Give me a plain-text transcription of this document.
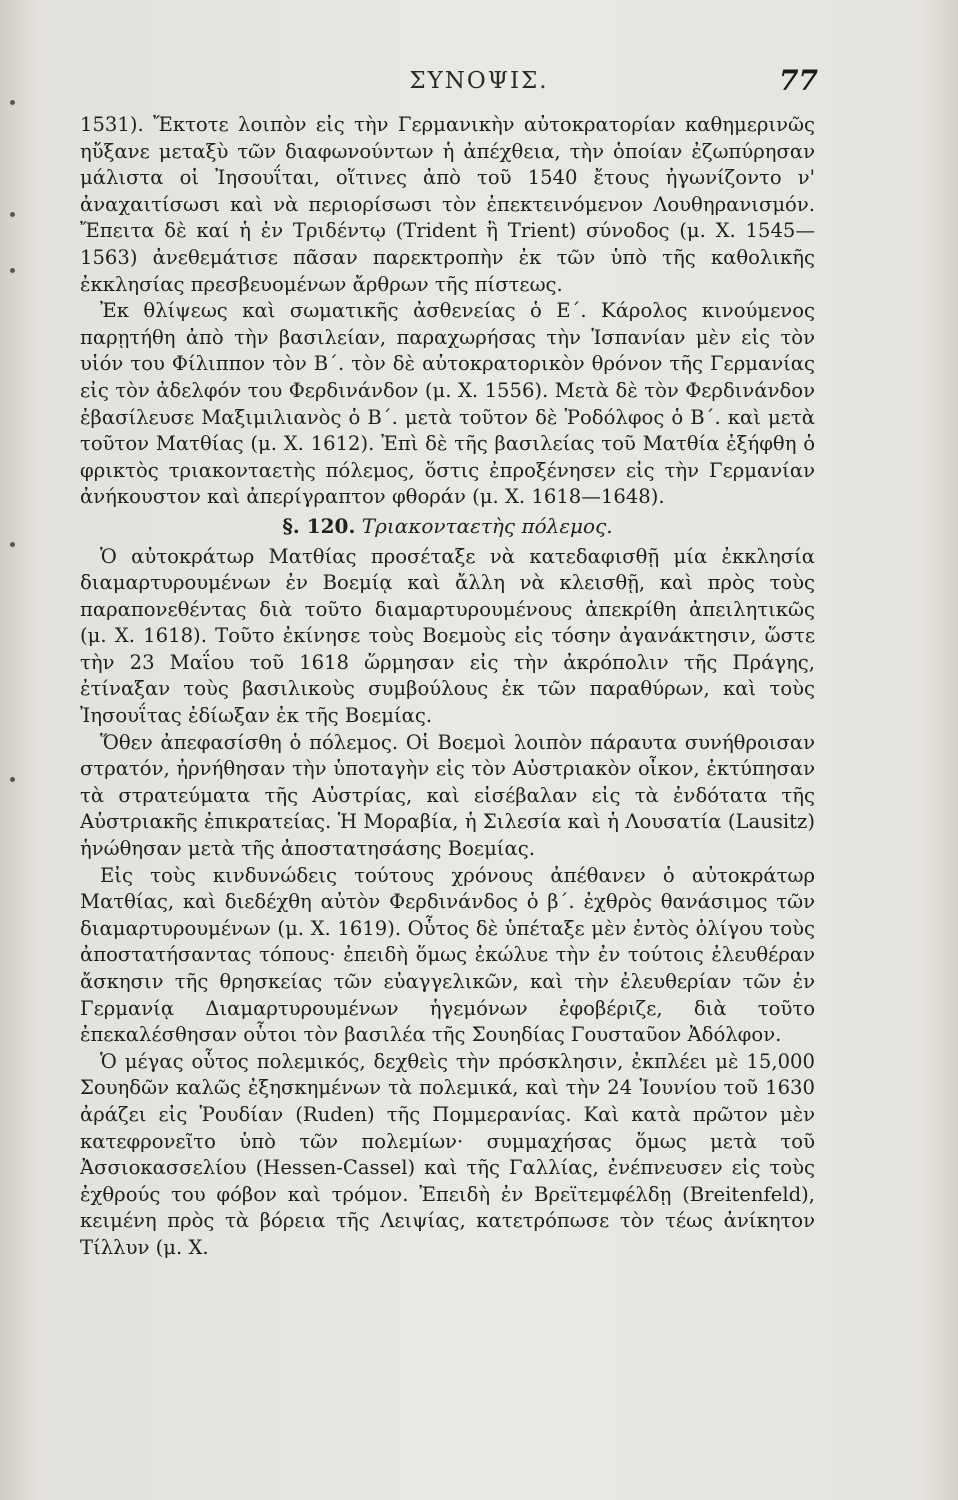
ΣΥΝΟΨΙΣ.	77

1531). Ἔκτοτε λοιπὸν εἰς τὴν Γερμανικὴν αὐτοκρατορίαν καθημερινῶς ηὔξανε μεταξὺ τῶν διαφωνούντων ἡ ἀπέχθεια, τὴν ὁποίαν ἐζωπύρησαν μάλιστα οἱ Ἰησουΐται, οἵτινες ἀπὸ τοῦ 1540 ἔτους ἠγωνίζοντο ν' ἀναχαιτίσωσι καὶ νὰ περιορίσωσι τὸν ἐπεκτεινόμενον Λουθηρανισμόν. Ἔπειτα δὲ καί ἡ ἐν Τριδέντῳ (Trident ἢ Trient) σύνοδος (μ. Χ. 1545—1563) ἀνεθεμάτισε πᾶσαν παρεκτροπὴν ἐκ τῶν ὑπὸ τῆς καθολικῆς ἐκκλησίας πρεσβευομένων ἄρθρων τῆς πίστεως.

Ἐκ θλίψεως καὶ σωματικῆς ἀσθενείας ὁ Ε΄. Κάρολος κινούμενος παρῃτήθη ἀπὸ τὴν βασιλείαν, παραχωρήσας τὴν Ἱσπανίαν μὲν εἰς τὸν υἱόν του Φίλιππον τὸν Β΄. τὸν δὲ αὐτοκρατορικὸν θρόνον τῆς Γερμανίας εἰς τὸν ἀδελφόν του Φερδινάνδον (μ. Χ. 1556). Μετὰ δὲ τὸν Φερδινάνδον ἐβασίλευσε Μαξιμιλιανὸς ὁ Β΄. μετὰ τοῦτον δὲ Ῥοδόλφος ὁ Β΄. καὶ μετὰ τοῦτον Ματθίας (μ. Χ. 1612). Ἐπὶ δὲ τῆς βασιλείας τοῦ Ματθία ἐξήφθη ὁ φρικτὸς τριακονταετὴς πόλεμος, ὅστις ἐπροξένησεν εἰς τὴν Γερμανίαν ἀνήκουστον καὶ ἀπερίγραπτον φθοράν (μ. Χ. 1618—1648).

§. 120. Τριακονταετὴς πόλεμος.

Ὁ αὐτοκράτωρ Ματθίας προσέταξε νὰ κατεδαφισθῇ μία ἐκκλησία διαμαρτυρουμένων ἐν Βοεμίᾳ καὶ ἄλλη νὰ κλεισθῇ, καὶ πρὸς τοὺς παραπονεθέντας διὰ τοῦτο διαμαρτυρουμένους ἀπεκρίθη ἀπειλητικῶς (μ. Χ. 1618). Τοῦτο ἐκίνησε τοὺς Βοεμοὺς εἰς τόσην ἀγανάκτησιν, ὥστε τὴν 23 Μαΐου τοῦ 1618 ὥρμησαν εἰς τὴν ἀκρόπολιν τῆς Πράγης, ἐτίναξαν τοὺς βασιλικοὺς συμβούλους ἐκ τῶν παραθύρων, καὶ τοὺς Ἰησουΐτας ἐδίωξαν ἐκ τῆς Βοεμίας.

Ὅθεν ἀπεφασίσθη ὁ πόλεμος. Οἱ Βοεμοὶ λοιπὸν πάραυτα συνήθροισαν στρατόν, ἠρνήθησαν τὴν ὑποταγὴν εἰς τὸν Αὐστριακὸν οἶκον, ἐκτύπησαν τὰ στρατεύματα τῆς Αὐστρίας, καὶ εἰσέβαλαν εἰς τὰ ἐνδότατα τῆς Αὐστριακῆς ἐπικρατείας. Ἡ Μοραβία, ἡ Σιλεσία καὶ ἡ Λουσατία (Lausitz) ἡνώθησαν μετὰ τῆς ἀποστατησάσης Βοεμίας.

Εἰς τοὺς κινδυνώδεις τούτους χρόνους ἀπέθανεν ὁ αὐτοκράτωρ Ματθίας, καὶ διεδέχθη αὐτὸν Φερδινάνδος ὁ β΄. ἐχθρὸς θανάσιμος τῶν διαμαρτυρουμένων (μ. Χ. 1619). Οὗτος δὲ ὑπέταξε μὲν ἐντὸς ὀλίγου τοὺς ἀποστατήσαντας τόπους· ἐπειδὴ ὅμως ἐκώλυε τὴν ἐν τούτοις ἐλευθέραν ἄσκησιν τῆς θρησκείας τῶν εὐαγγελικῶν, καὶ τὴν ἐλευθερίαν τῶν ἐν Γερμανίᾳ Διαμαρτυρουμένων ἡγεμόνων ἐφοβέριζε, διὰ τοῦτο ἐπεκαλέσθησαν οὗτοι τὸν βασιλέα τῆς Σουηδίας Γουσταῦον Ἀδόλφον.

Ὁ μέγας οὗτος πολεμικός, δεχθεὶς τὴν πρόσκλησιν, ἐκπλέει μὲ 15,000 Σουηδῶν καλῶς ἐξησκημένων τὰ πολεμικά, καὶ τὴν 24 Ἰουνίου τοῦ 1630 ἀράζει εἰς Ῥουδίαν (Ruden) τῆς Πομμερανίας. Καὶ κατὰ πρῶτον μὲν κατεφρονεῖτο ὑπὸ τῶν πολεμίων· συμμαχήσας ὅμως μετὰ τοῦ Ἀσσιοκασσελίου (Hessen-Cassel) καὶ τῆς Γαλλίας, ἐνέπνευσεν εἰς τοὺς ἐχθρούς του φόβον καὶ τρόμον. Ἐπειδὴ ἐν Βρεϊτεμφέλδῃ (Breitenfeld), κειμένη πρὸς τὰ βόρεια τῆς Λειψίας, κατετρόπωσε τὸν τέως ἀνίκητον Τίλλυν (μ. Χ.
